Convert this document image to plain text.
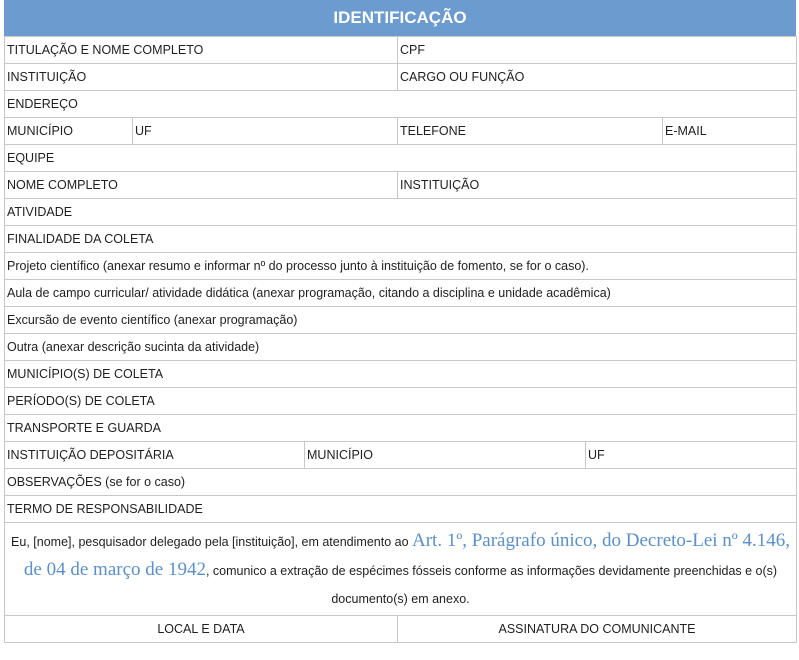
IDENTIFICAÇÃO
TITULAÇÃO E NOME COMPLETO			CPF		
INSTITUIÇÃO			CARGO OU FUNÇÃO		
ENDEREÇO					
MUNICÍPIO	UF		TELEFONE		E-MAIL
EQUIPE					
NOME COMPLETO			INSTITUIÇÃO		
ATIVIDADE					
FINALIDADE DA COLETA					
Projeto científico (anexar resumo e informar nº do processo junto à instituição de fomento, se for o caso).					
Aula de campo curricular/ atividade didática (anexar programação, citando a disciplina e unidade acadêmica)					
Excursão de evento científico (anexar programação)					
Outra (anexar descrição sucinta da atividade)					
MUNICÍPIO(S) DE COLETA					
PERÍODO(S) DE COLETA					
TRANSPORTE E GUARDA					
INSTITUIÇÃO DEPOSITÁRIA		MUNICÍPIO		UF	
OBSERVAÇÕES (se for o caso)					
TERMO DE RESPONSABILIDADE					
Eu, [nome], pesquisador delegado pela [instituição], em atendimento ao Art. 1º, Parágrafo único, do Decreto-Lei nº 4.146, de 04 de março de 1942, comunico a extração de espécimes fósseis conforme as informações devidamente preenchidas e o(s) documento(s) em anexo.					
LOCAL E DATA			ASSINATURA DO COMUNICANTE		
